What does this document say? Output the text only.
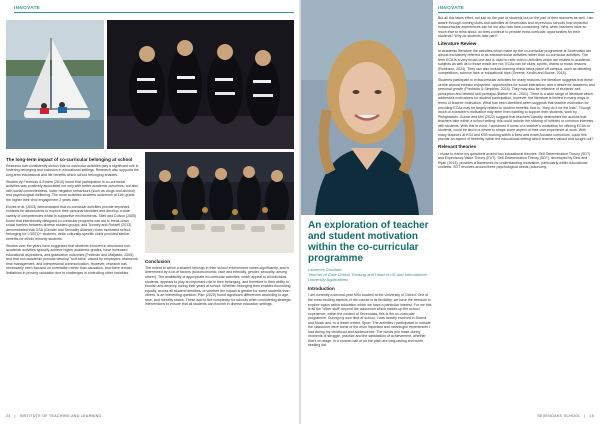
INNOVATE
The long-term impact of co-curricular belonging at school

Research has consistently shown that co-curricular activities play a significant role in fostering belonging and inclusion in educational settings. Research also supports the long-term educational and life benefits which school belonging enables.

Studies by Fredricks & Eccles (2010) found that participation in co-curricular activities was positively associated not only with better academic outcomes, but also with social connectedness, lower negative behaviours (such as drugs and alcohol) and psychological wellbeing. The more activities students undertook at 11th grade, the higher their civic engagement 2 years later.

Eccles et al. (2003) demonstrated that co-curricular activities provide important contexts for adolescents to explore their personal identities and develop a wide variety of competencies whilst in supportive environments. Stiell and Colson (2005) found that intentionally designed co-curricular programs can aid to break down social barriers between diverse student groups, and Toomey and Russell (2013) demonstrated that GSA (Gender and Sexuality Alliance) clubs increased school belonging for LGBTQ+ students, while culturally-specific clubs provided similar benefits for ethnic minority students.

Studies over the years have suggested that students involved in structured non-academic activities typically achieve higher academic grades, have increased educational aspirations, and graduation outcomes (Feldman and Matjasko, 2005), and that non-academic pursuits develop "soft skills" valued by employers: teamwork, time management, and interpersonal communication. However, research has necessarily been focused on correlation rather than causation, and there remain limitations in proving causation due to challenges in controlling other variables.

Conclusion

The extent to which a student belongs in their school environment varies significantly, and is determined by a lot of factors (socioeconomic, race and ethnicity, gender, sexuality, among others). The availability of appropriate co-curricular activities, which appeal to all individual students, appears to play an important role in their belonging, and therefore in their ability to flourish and develop during their years at school. Whether belonging then enables flourishing equally, across all student identities, or whether the impact is greater for some students than others, is an interesting question. Parr (2020) found significant differences according to age, race, and minority status. These add to the complexity for schools when considering strategic interventions to ensure that all students can flourish in diverse education settings.

24   |   INSTITUTE OF TEACHING AND LEARNING
INNOVATE

But all this takes effort, not just on the part of students but on the part of their teachers as well. I am aware through running clubs and activities at Sevenoaks and at previous schools how impactful extracurricular experiences can be but also how time-consuming. Why, when teachers have so much else to think about, do they continue to provide extra-curricular opportunities for their students? Why do students take part?

Literature Review

In academic literature the activities which make up the co-curricular programme at Sevenoaks are almost exclusively referred to as extracurricular activities rather than co-curricular activities. The term ECA is a very broad one and is used to refer both to activities which are related to academic subjects as well as to those which are not; ECAs can be clubs, sports, drama or music lessons (Robinson, 2024). They can also include learning which takes place off campus, such as debating competitions, science fairs or educational trips (Greene, Krcdin and Boone, 2016).

Students participate in extracurricular activities for many reasons; the literature suggests that these centre around intrinsic enjoyment, opportunities for social interaction, and a desire for academic and personal growth (Fredricks & Simpkins, 2015). They may also be reflective of students' self-perception and desired self-portrayal (Barber et al., 2001). There is a wide range of literature which addresses motivations for student participation, however, the literature is limited in many ways in terms of teacher motivation. What has been identified seem suggests that teacher motivation for providing ECAs may be largely related to student benefits; that is, "they do it for the kids". Though much of a teacher's motivation may stem from wanting to support their students, work by Pishghadam, Golzar and Miri (2022) suggest that teachers' identity determines the actions that teachers take within a school setting; this could include the sharing of hobbies or common interests with students. With this in mind, I wondered if some of a teacher's motivation for offering ECAs to students, could be tied to a desire to shape some aspect of their own experience at work. With many teachers at KS4 and KS5 working within a fixed and exam-focused curriculum, could this provide an aspect of flexibility within the educational setting which teachers valued and sought out?

Relevant theories

I chose to frame my questions around two educational theories: Self-Determination Theory (SDT) and Expectancy-Value Theory (EVT). Self-Determination Theory (SDT), developed by Deci and Ryan (2013), provides a framework for understanding motivation, particularly within educational contexts. SDT revolves around three psychological needs (autonomy,

An exploration of teacher and student motivation within the co-curricular programme
Laurence Goodwin
Teacher of Core Critical Thinking and Head of US and International University Applications
Introduction

I am currently a second-year MSc student at the University of Oxford. One of the most exciting aspects of the course is its flexibility: we have the freedom to explore topics within education which we have a particular interest. For me this is all the "other stuff" beyond the classroom which makes up the school experience, within the context of Sevenoaks, this is the co-curricular programme. During my own time at school, I was heavily involved in Drama and Music and, to a lesser extent, Sport. The activities I participated in outside the classroom were some of the most important and meaningful experiences I had during my childhood and adolescence. The bonds you make during moments of struggle, practice and the satisfaction of achievement, whether that's on-stage, in a concert hall or on the pitch are long-lasting and worth seeking out.

SEVENOAKS SCHOOL   |   25
